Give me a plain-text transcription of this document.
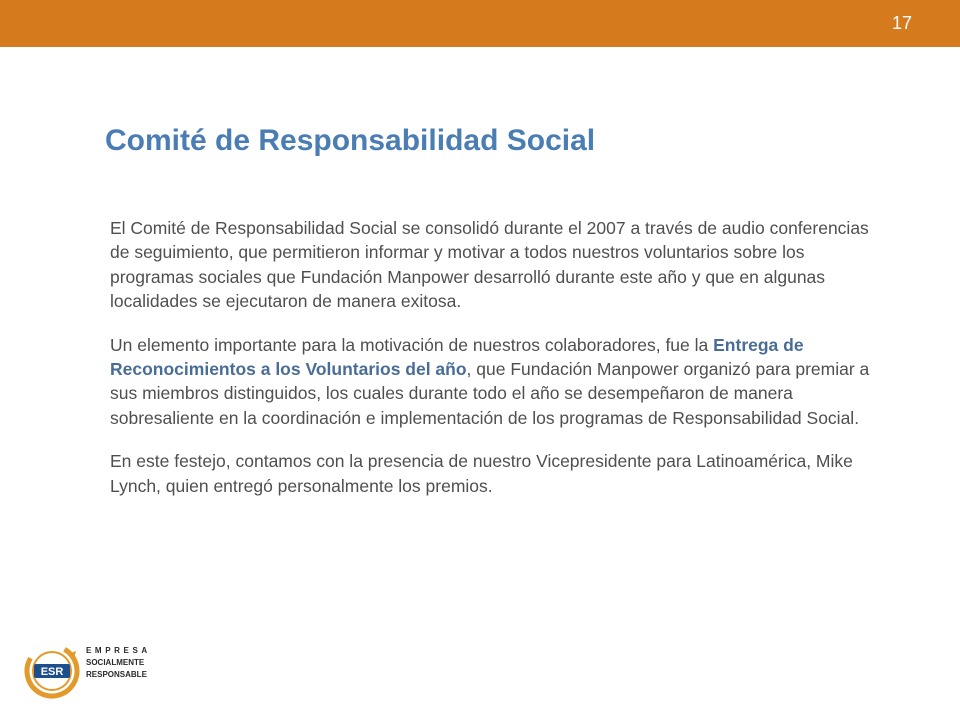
17
Comité de Responsabilidad Social

El Comité de Responsabilidad Social se consolidó durante el 2007 a través de audio conferencias de seguimiento, que permitieron informar y motivar a todos nuestros voluntarios sobre los programas sociales que Fundación Manpower desarrolló durante este año y que en algunas localidades se ejecutaron de manera exitosa.

Un elemento importante para la motivación de nuestros colaboradores, fue la Entrega de Reconocimientos a los Voluntarios del año, que Fundación Manpower organizó para premiar a sus miembros distinguidos, los cuales durante todo el año se desempeñaron de manera sobresaliente en la coordinación e implementación de los programas de Responsabilidad Social.

En este festejo, contamos con la presencia de nuestro Vicepresidente para Latinoamérica, Mike Lynch, quien entregó personalmente los premios.

ESR
EMPRESA
SOCIALMENTE
RESPONSABLE
